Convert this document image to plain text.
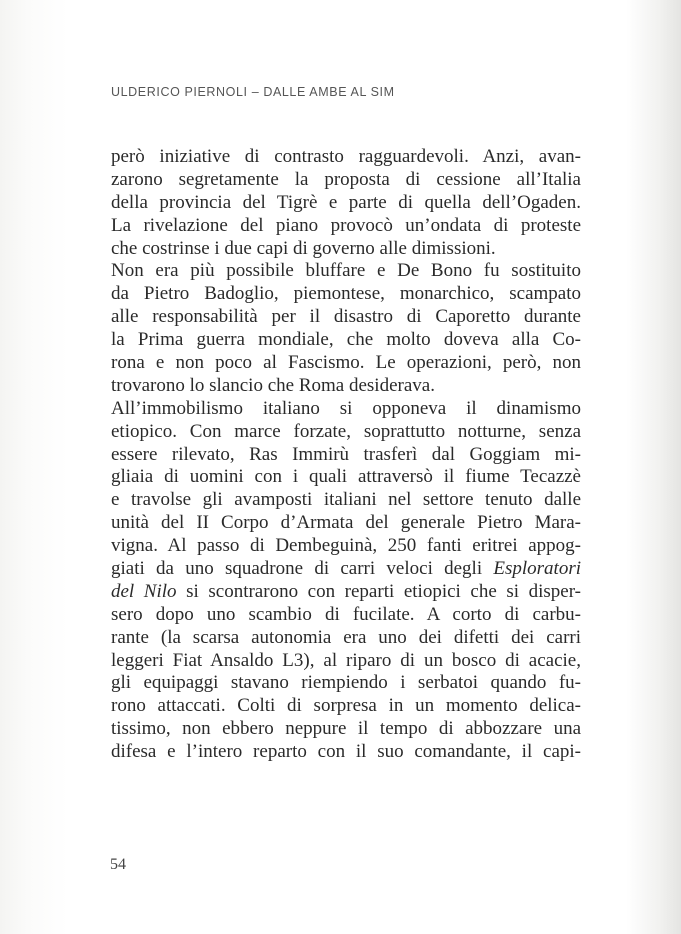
ULDERICO PIERNOLI – DALLE AMBE AL SIM
però iniziative di contrasto ragguardevoli. Anzi, avan-
zarono segretamente la proposta di cessione all’Italia
della provincia del Tigrè e parte di quella dell’Ogaden.
La rivelazione del piano provocò un’ondata di proteste
che costrinse i due capi di governo alle dimissioni.
Non era più possibile bluffare e De Bono fu sostituito
da Pietro Badoglio, piemontese, monarchico, scampato
alle responsabilità per il disastro di Caporetto durante
la Prima guerra mondiale, che molto doveva alla Co-
rona e non poco al Fascismo. Le operazioni, però, non
trovarono lo slancio che Roma desiderava.
All’immobilismo italiano si opponeva il dinamismo
etiopico. Con marce forzate, soprattutto notturne, senza
essere rilevato, Ras Immirù trasferì dal Goggiam mi-
gliaia di uomini con i quali attraversò il fiume Tecazzè
e travolse gli avamposti italiani nel settore tenuto dalle
unità del II Corpo d’Armata del generale Pietro Mara-
vigna. Al passo di Dembeguinà, 250 fanti eritrei appog-
giati da uno squadrone di carri veloci degli Esploratori
del Nilo si scontrarono con reparti etiopici che si disper-
sero dopo uno scambio di fucilate. A corto di carbu-
rante (la scarsa autonomia era uno dei difetti dei carri
leggeri Fiat Ansaldo L3), al riparo di un bosco di acacie,
gli equipaggi stavano riempiendo i serbatoi quando fu-
rono attaccati. Colti di sorpresa in un momento delica-
tissimo, non ebbero neppure il tempo di abbozzare una
difesa e l’intero reparto con il suo comandante, il capi-
54
